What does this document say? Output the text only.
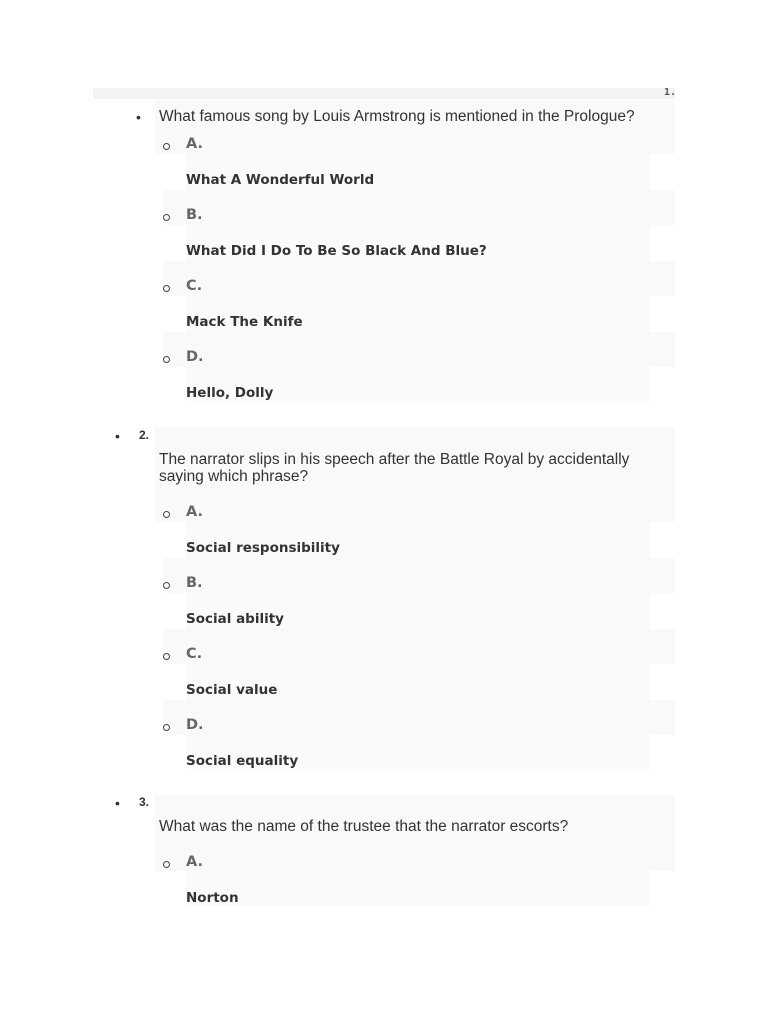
1.
• What famous song by Louis Armstrong is mentioned in the Prologue?
A.
What A Wonderful World
B.
What Did I Do To Be So Black And Blue?
C.
Mack The Knife
D.
Hello, Dolly
• 2.
The narrator slips in his speech after the Battle Royal by accidentally saying which phrase?
A.
Social responsibility
B.
Social ability
C.
Social value
D.
Social equality
• 3.
What was the name of the trustee that the narrator escorts?
A.
Norton
